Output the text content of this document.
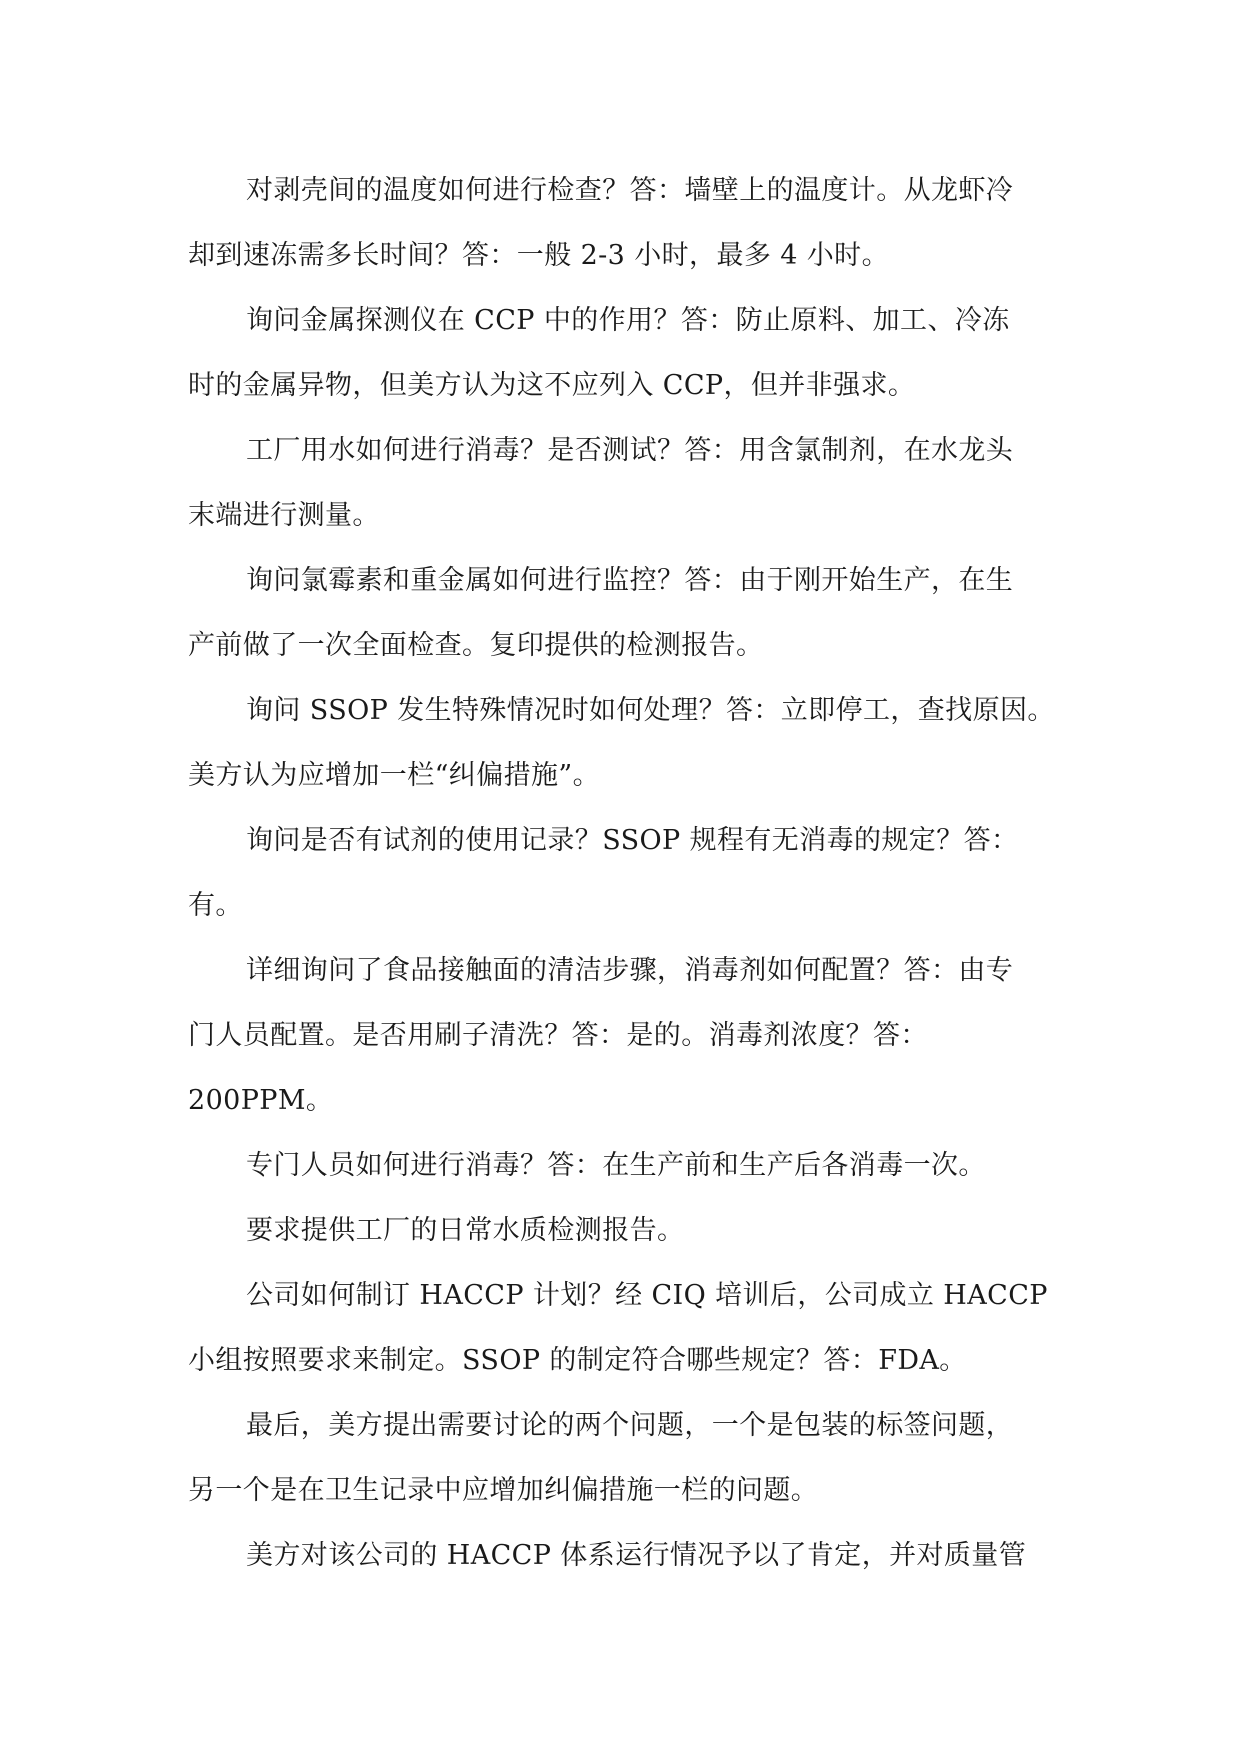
对剥壳间的温度如何进行检查？答：墙壁上的温度计。从龙虾冷
却到速冻需多长时间？答：一般 2-3 小时，最多 4 小时。
询问金属探测仪在 CCP 中的作用？答：防止原料、加工、冷冻
时的金属异物，但美方认为这不应列入 CCP，但并非强求。
工厂用水如何进行消毒？是否测试？答：用含氯制剂，在水龙头
末端进行测量。
询问氯霉素和重金属如何进行监控？答：由于刚开始生产，在生
产前做了一次全面检查。复印提供的检测报告。
询问 SSOP 发生特殊情况时如何处理？答：立即停工，查找原因。
美方认为应增加一栏“纠偏措施”。
询问是否有试剂的使用记录？SSOP 规程有无消毒的规定？答：
有。
详细询问了食品接触面的清洁步骤，消毒剂如何配置？答：由专
门人员配置。是否用刷子清洗？答：是的。消毒剂浓度？答：
200PPM。
专门人员如何进行消毒？答：在生产前和生产后各消毒一次。
要求提供工厂的日常水质检测报告。
公司如何制订 HACCP 计划？经 CIQ 培训后，公司成立 HACCP
小组按照要求来制定。SSOP 的制定符合哪些规定？答：FDA。
最后，美方提出需要讨论的两个问题，一个是包装的标签问题，
另一个是在卫生记录中应增加纠偏措施一栏的问题。
美方对该公司的 HACCP 体系运行情况予以了肯定，并对质量管
